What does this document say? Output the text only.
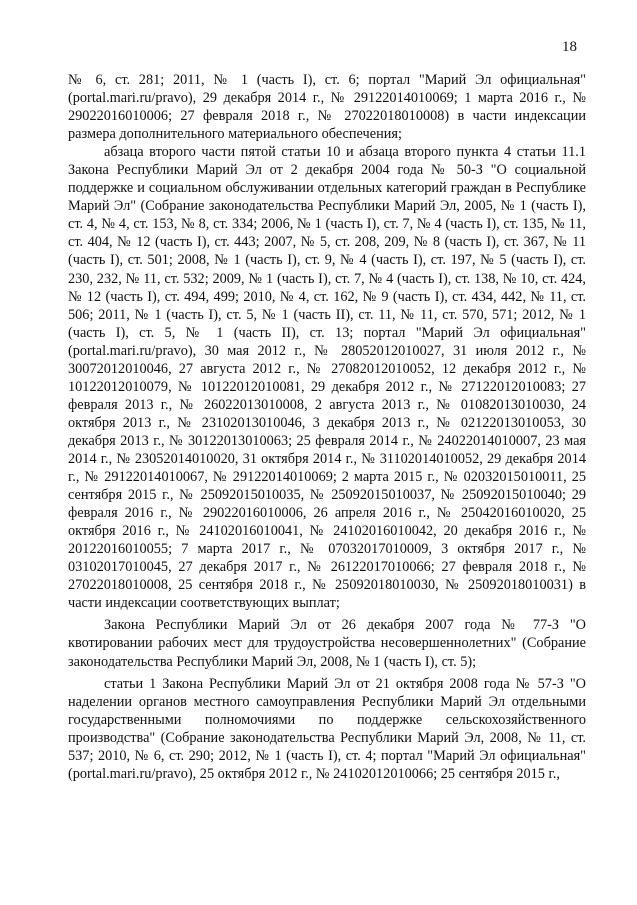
18

№ 6, ст. 281; 2011, № 1 (часть I), ст. 6; портал "Марий Эл официальная" (portal.mari.ru/pravo), 29 декабря 2014 г., № 29122014010069; 1 марта 2016 г., № 29022016010006; 27 февраля 2018 г., № 27022018010008) в части индексации размера дополнительного материального обеспечения;

абзаца второго части пятой статьи 10 и абзаца второго пункта 4 статьи 11.1 Закона Республики Марий Эл от 2 декабря 2004 года № 50-З "О социальной поддержке и социальном обслуживании отдельных категорий граждан в Республике Марий Эл" (Собрание законодательства Республики Марий Эл, 2005, № 1 (часть I), ст. 4, № 4, ст. 153, № 8, ст. 334; 2006, № 1 (часть I), ст. 7, № 4 (часть I), ст. 135, № 11, ст. 404, № 12 (часть I), ст. 443; 2007, № 5, ст. 208, 209, № 8 (часть I), ст. 367, № 11 (часть I), ст. 501; 2008, № 1 (часть I), ст. 9, № 4 (часть I), ст. 197, № 5 (часть I), ст. 230, 232, № 11, ст. 532; 2009, № 1 (часть I), ст. 7, № 4 (часть I), ст. 138, № 10, ст. 424, № 12 (часть I), ст. 494, 499; 2010, № 4, ст. 162, № 9 (часть I), ст. 434, 442, № 11, ст. 506; 2011, № 1 (часть I), ст. 5, № 1 (часть II), ст. 11, № 11, ст. 570, 571; 2012, № 1 (часть I), ст. 5, № 1 (часть II), ст. 13; портал "Марий Эл официальная" (portal.mari.ru/pravo), 30 мая 2012 г., № 28052012010027, 31 июля 2012 г., № 30072012010046, 27 августа 2012 г., № 27082012010052, 12 декабря 2012 г., № 10122012010079, № 10122012010081, 29 декабря 2012 г., № 27122012010083; 27 февраля 2013 г., № 26022013010008, 2 августа 2013 г., № 01082013010030, 24 октября 2013 г., № 23102013010046, 3 декабря 2013 г., № 02122013010053, 30 декабря 2013 г., № 30122013010063; 25 февраля 2014 г., № 24022014010007, 23 мая 2014 г., № 23052014010020, 31 октября 2014 г., № 31102014010052, 29 декабря 2014 г., № 29122014010067, № 29122014010069; 2 марта 2015 г., № 02032015010011, 25 сентября 2015 г., № 25092015010035, № 25092015010037, № 25092015010040; 29 февраля 2016 г., № 29022016010006, 26 апреля 2016 г., № 25042016010020, 25 октября 2016 г., № 24102016010041, № 24102016010042, 20 декабря 2016 г., № 20122016010055; 7 марта 2017 г., № 07032017010009, 3 октября 2017 г., № 03102017010045, 27 декабря 2017 г., № 26122017010066; 27 февраля 2018 г., № 27022018010008, 25 сентября 2018 г., № 25092018010030, № 25092018010031) в части индексации соответствующих выплат;

Закона Республики Марий Эл от 26 декабря 2007 года № 77-З "О квотировании рабочих мест для трудоустройства несовершеннолетних" (Собрание законодательства Республики Марий Эл, 2008, № 1 (часть I), ст. 5);

статьи 1 Закона Республики Марий Эл от 21 октября 2008 года № 57-З "О наделении органов местного самоуправления Республики Марий Эл отдельными государственными полномочиями по поддержке сельскохозяйственного производства" (Собрание законодательства Республики Марий Эл, 2008, № 11, ст. 537; 2010, № 6, ст. 290; 2012, № 1 (часть I), ст. 4; портал "Марий Эл официальная" (portal.mari.ru/pravo), 25 октября 2012 г., № 24102012010066; 25 сентября 2015 г.,
